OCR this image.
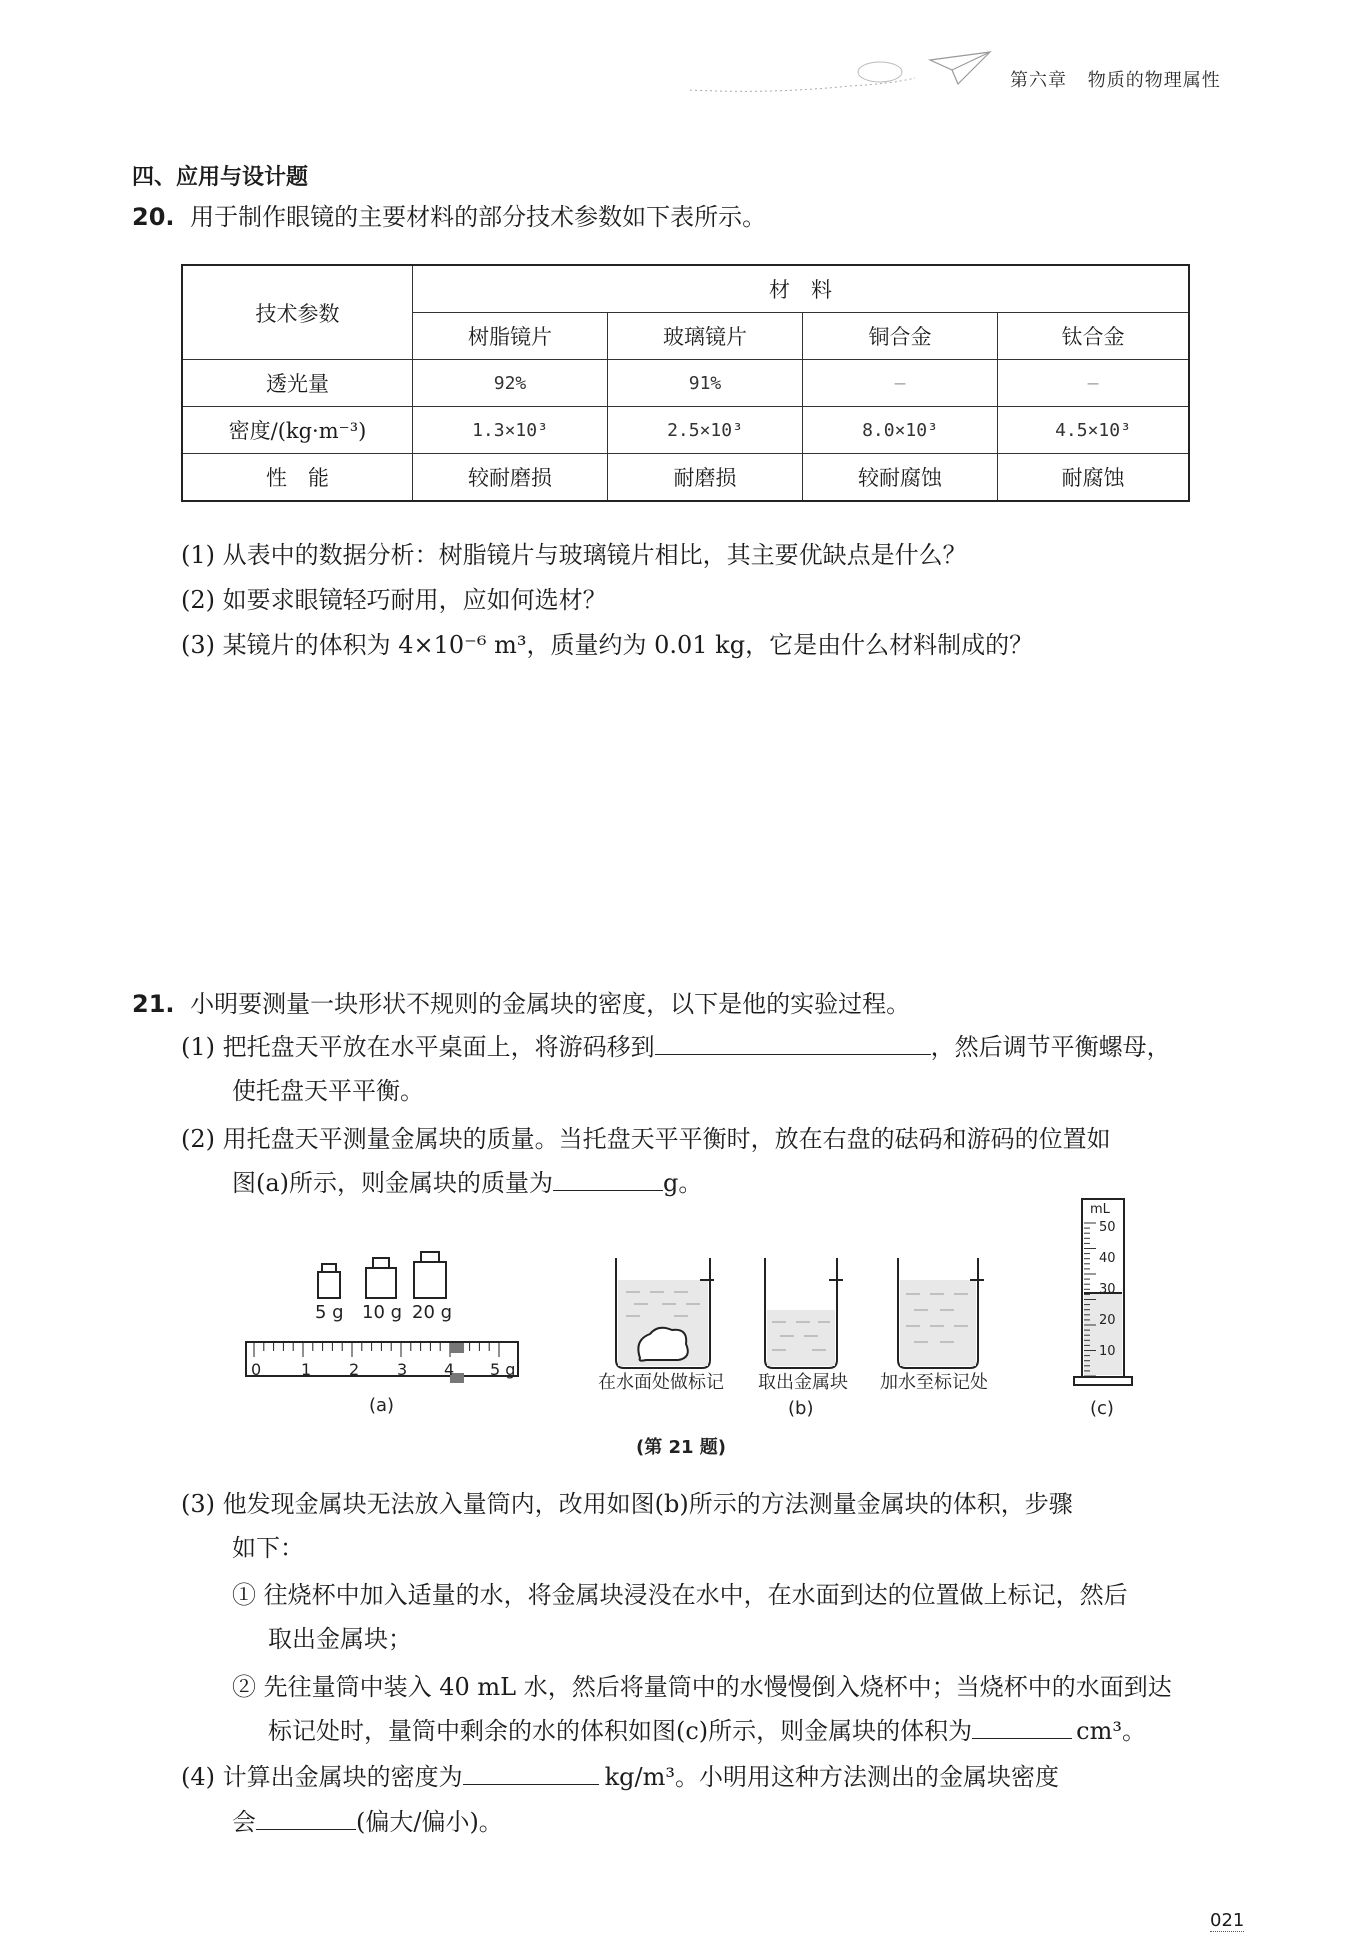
第六章 物质的物理属性
四、应用与设计题
20. 用于制作眼镜的主要材料的部分技术参数如下表所示。
技术参数	材　料			
	树脂镜片	玻璃镜片	铜合金	钛合金
透光量	92%	91%	—	—
密度/(kg·m⁻³)	1.3×10³	2.5×10³	8.0×10³	4.5×10³
性　能	较耐磨损	耐磨损	较耐腐蚀	耐腐蚀
(1) 从表中的数据分析：树脂镜片与玻璃镜片相比，其主要优缺点是什么？
(2) 如要求眼镜轻巧耐用，应如何选材？
(3) 某镜片的体积为 4×10⁻⁶ m³，质量约为 0.01 kg，它是由什么材料制成的？
21. 小明要测量一块形状不规则的金属块的密度，以下是他的实验过程。
(1) 把托盘天平放在水平桌面上，将游码移到	，然后调节平衡螺母，
使托盘天平平衡。
(2) 用托盘天平测量金属块的质量。当托盘天平平衡时，放在右盘的砝码和游码的位置如
图(a)所示，则金属块的质量为	g。
5 g 10 g 20 g
0 1 2 3 4 5 g
(a)
在水面处做标记 取出金属块 加水至标记处
(b)
mL
50
40
30
20
10
(c)
(第 21 题)
(3) 他发现金属块无法放入量筒内，改用如图(b)所示的方法测量金属块的体积，步骤
如下：
① 往烧杯中加入适量的水，将金属块浸没在水中，在水面到达的位置做上标记，然后
取出金属块；
② 先往量筒中装入 40 mL 水，然后将量筒中的水慢慢倒入烧杯中；当烧杯中的水面到达
标记处时，量筒中剩余的水的体积如图(c)所示，则金属块的体积为	cm³。
(4) 计算出金属块的密度为	kg/m³。小明用这种方法测出的金属块密度
会	(偏大/偏小)。
021
